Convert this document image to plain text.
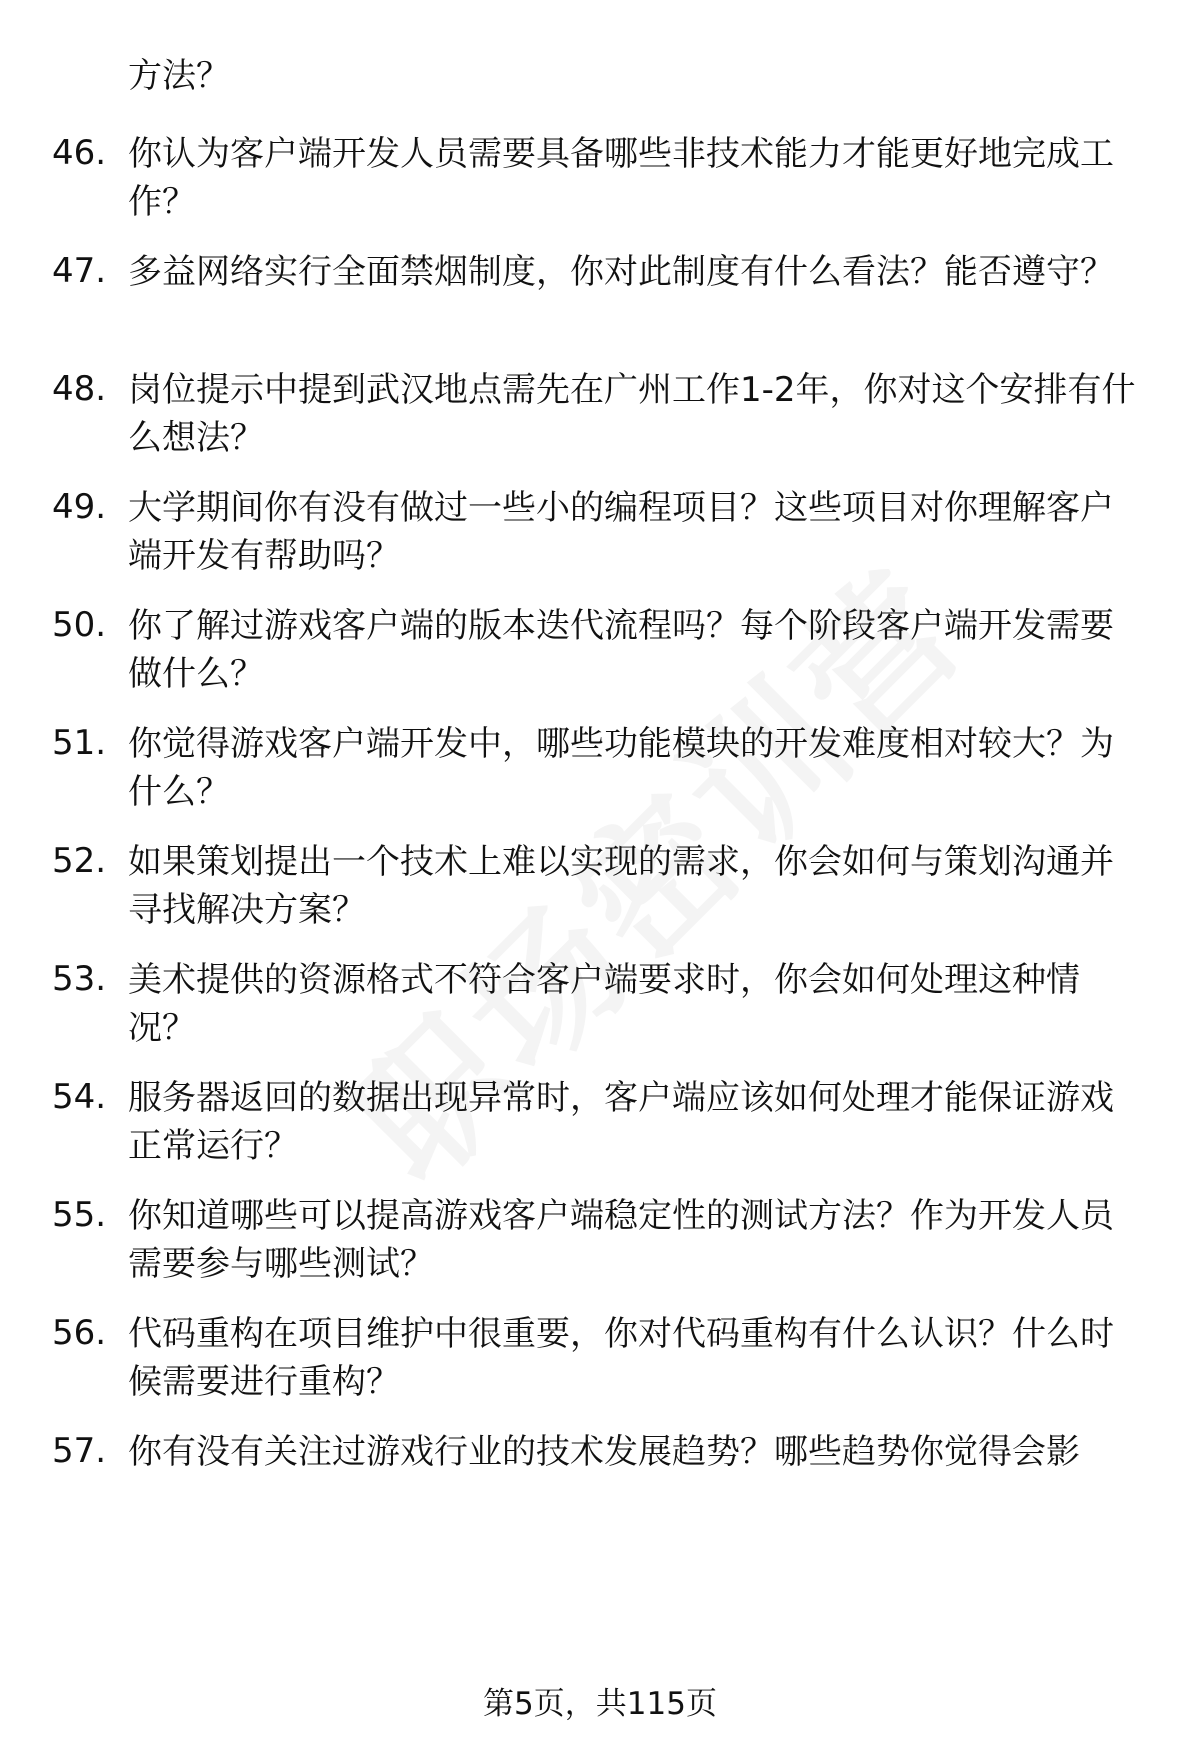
方法？
46. 你认为客户端开发人员需要具备哪些非技术能力才能更好地完成工作？
47. 多益网络实行全面禁烟制度，你对此制度有什么看法？能否遵守？
48. 岗位提示中提到武汉地点需先在广州工作1-2年，你对这个安排有什么想法？
49. 大学期间你有没有做过一些小的编程项目？这些项目对你理解客户端开发有帮助吗？
50. 你了解过游戏客户端的版本迭代流程吗？每个阶段客户端开发需要做什么？
51. 你觉得游戏客户端开发中，哪些功能模块的开发难度相对较大？为什么？
52. 如果策划提出一个技术上难以实现的需求，你会如何与策划沟通并寻找解决方案？
53. 美术提供的资源格式不符合客户端要求时，你会如何处理这种情况？
54. 服务器返回的数据出现异常时，客户端应该如何处理才能保证游戏正常运行？
55. 你知道哪些可以提高游戏客户端稳定性的测试方法？作为开发人员需要参与哪些测试？
56. 代码重构在项目维护中很重要，你对代码重构有什么认识？什么时候需要进行重构？
57. 你有没有关注过游戏行业的技术发展趋势？哪些趋势你觉得会影
第5页，共115页
